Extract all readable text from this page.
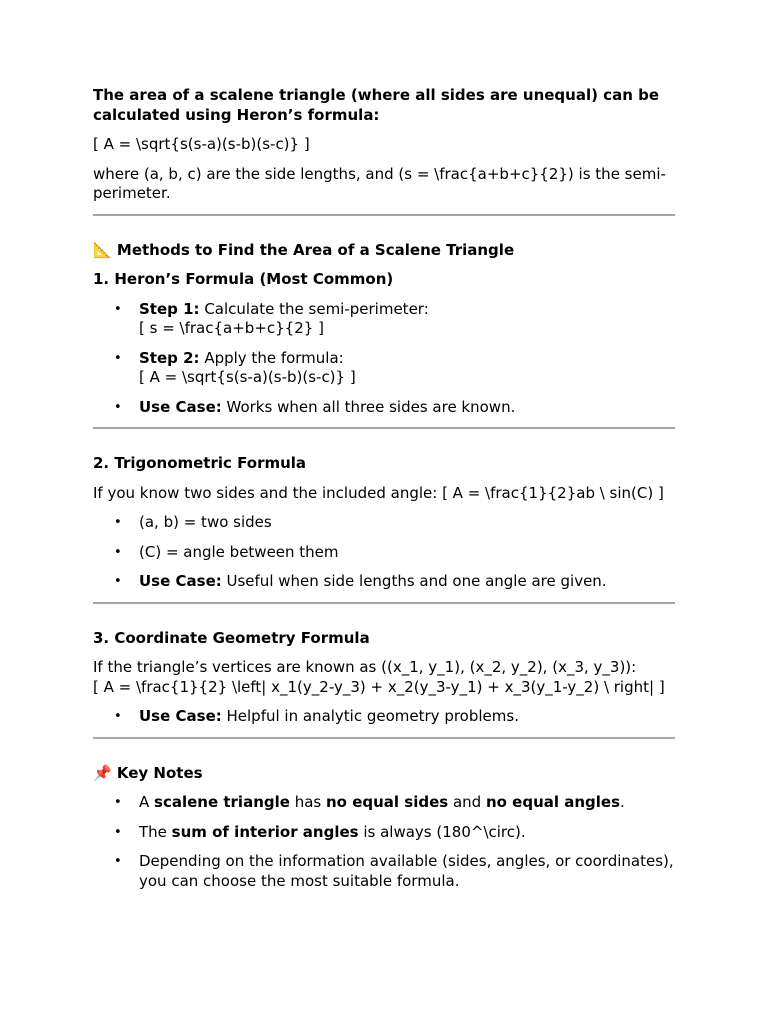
The area of a scalene triangle (where all sides are unequal) can be calculated using Heron’s formula:

[ A = \sqrt{s(s-a)(s-b)(s-c)} ]

where (a, b, c) are the side lengths, and (s = \frac{a+b+c}{2}) is the semi-perimeter.

📐 Methods to Find the Area of a Scalene Triangle

1. Heron’s Formula (Most Common)

• Step 1: Calculate the semi-perimeter:
[ s = \frac{a+b+c}{2} ]
• Step 2: Apply the formula:
[ A = \sqrt{s(s-a)(s-b)(s-c)} ]
• Use Case: Works when all three sides are known.

2. Trigonometric Formula

If you know two sides and the included angle: [ A = \frac{1}{2}ab \ sin(C) ]

• (a, b) = two sides
• (C) = angle between them
• Use Case: Useful when side lengths and one angle are given.

3. Coordinate Geometry Formula

If the triangle’s vertices are known as ((x_1, y_1), (x_2, y_2), (x_3, y_3)):
[ A = \frac{1}{2} \left| x_1(y_2-y_3) + x_2(y_3-y_1) + x_3(y_1-y_2) \ right| ]

• Use Case: Helpful in analytic geometry problems.

📌 Key Notes

• A scalene triangle has no equal sides and no equal angles.
• The sum of interior angles is always (180^\circ).
• Depending on the information available (sides, angles, or coordinates), you can choose the most suitable formula.
